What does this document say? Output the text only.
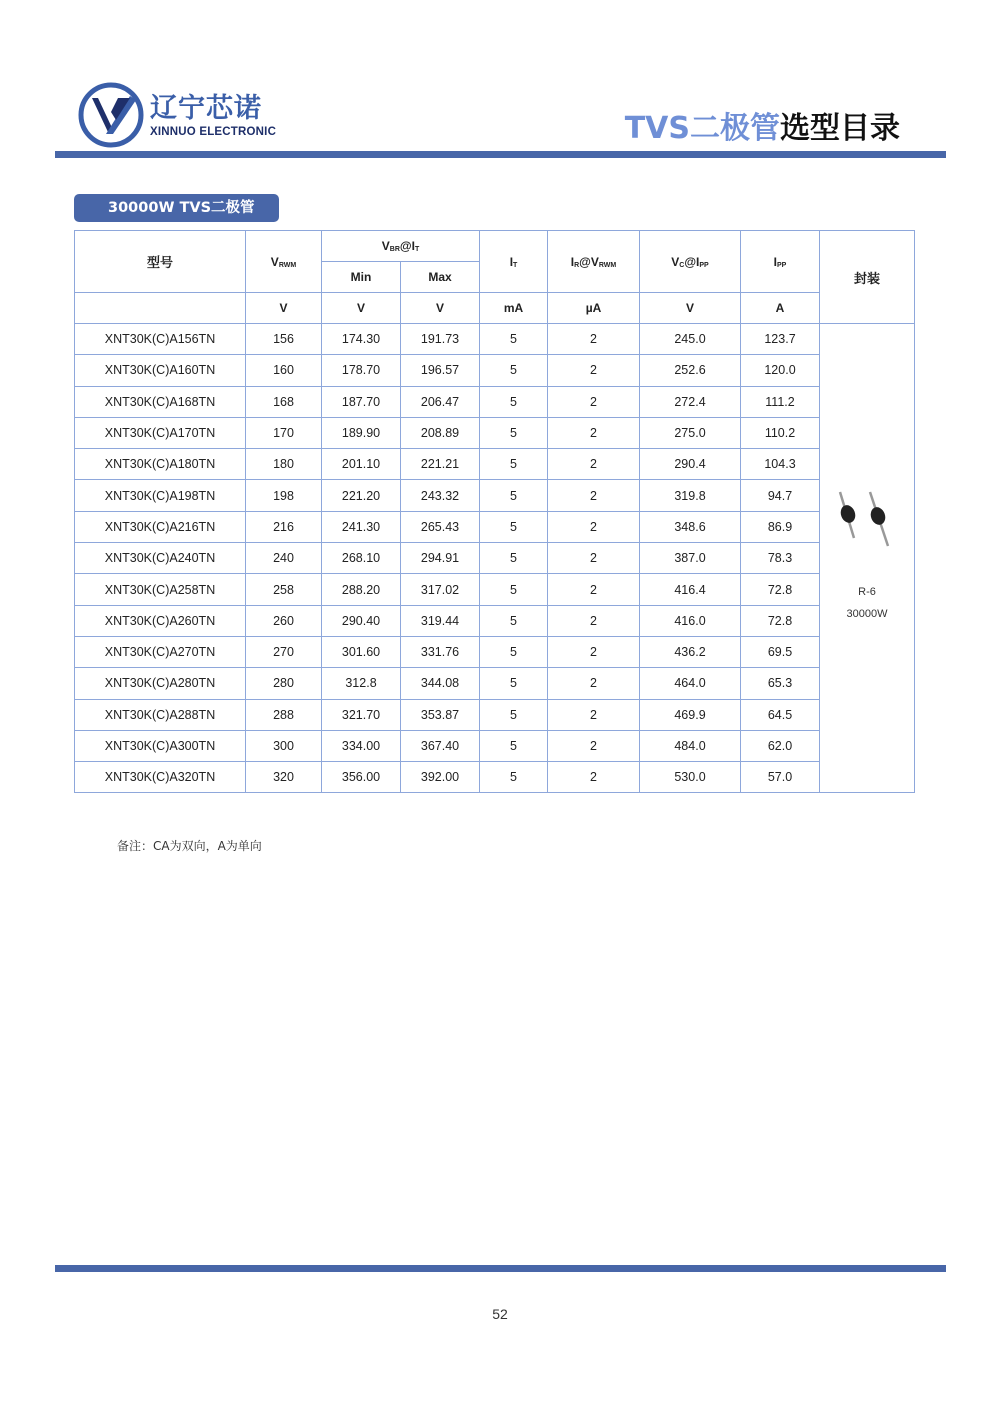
辽宁芯诺
XINNUO ELECTRONIC	TVS二极管选型目录
30000W TVS二极管
型号	$V_{RWM}$	$V_{BR}@I_T$		$I_T$	$I_R@V_{RWM}$	$V_C@I_{PP}$	$I_{PP}$	封装
		Min	Max					
	V	V	V	mA	µA	V	A	
XNT30K(C)A156TN	156	174.30	191.73	5	2	245.0	123.7	R-6
30000W

XNT30K(C)A160TN	160	178.70	196.57	5	2	252.6	120.0	
XNT30K(C)A168TN	168	187.70	206.47	5	2	272.4	111.2	
XNT30K(C)A170TN	170	189.90	208.89	5	2	275.0	110.2	
XNT30K(C)A180TN	180	201.10	221.21	5	2	290.4	104.3	
XNT30K(C)A198TN	198	221.20	243.32	5	2	319.8	94.7	
XNT30K(C)A216TN	216	241.30	265.43	5	2	348.6	86.9	
XNT30K(C)A240TN	240	268.10	294.91	5	2	387.0	78.3	
XNT30K(C)A258TN	258	288.20	317.02	5	2	416.4	72.8	
XNT30K(C)A260TN	260	290.40	319.44	5	2	416.0	72.8	
XNT30K(C)A270TN	270	301.60	331.76	5	2	436.2	69.5	
XNT30K(C)A280TN	280	312.8	344.08	5	2	464.0	65.3	
XNT30K(C)A288TN	288	321.70	353.87	5	2	469.9	64.5	
XNT30K(C)A300TN	300	334.00	367.40	5	2	484.0	62.0	
XNT30K(C)A320TN	320	356.00	392.00	5	2	530.0	57.0	
备注：CA为双向，A为单向
52
